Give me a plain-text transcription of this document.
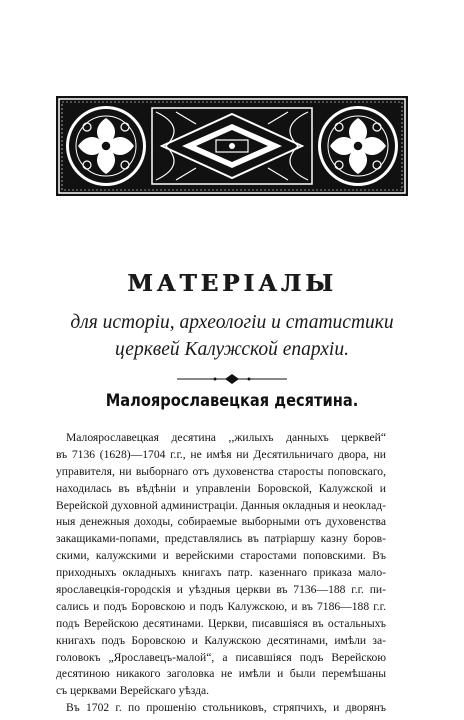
МАТЕРІАЛЫ
для исторіи, археологіи и статистики
церквей Калужской епархіи.
Малоярославецкая десятина.
Малоярославецкая десятина ,,жилыхъ данныхъ церквей“
въ 7136 (1628)—1704 г.г., не имѣя ни Десятильничаго двора, ни
управителя, ни выборнаго отъ духовенства старосты поповскаго,
находилась въ вѣдѣніи и управленіи Боровской, Калужской и
Верейской духовной администраціи. Данныя окладныя и неоклад-
ныя денежныя доходы, собираемые выборными отъ духовенства
закащиками-попами, представлялись въ патріаршу казну боров-
скими, калужскими и верейскими старостами поповскими. Въ
приходныхъ окладныхъ книгахъ патр. казеннаго приказа мало-
ярославецкія-городскія и уѣздныя церкви въ 7136—188 г.г. пи-
сались и подъ Боровскою и подъ Калужскою, и въ 7186—188 г.г.
подъ Верейскою десятинами. Церкви, писавшіяся въ остальныхъ
книгахъ подъ Боровскою и Калужскою десятинами, имѣли за-
головокъ „Ярославецъ-малой“, а писавшіяся подъ Верейскою
десятиною никакого заголовка не имѣли и были перемѣшаны
съ церквами Верейскаго уѣзда.
Въ 1702 г. по прошенію стольниковъ, стряпчихъ, и дворянъ
